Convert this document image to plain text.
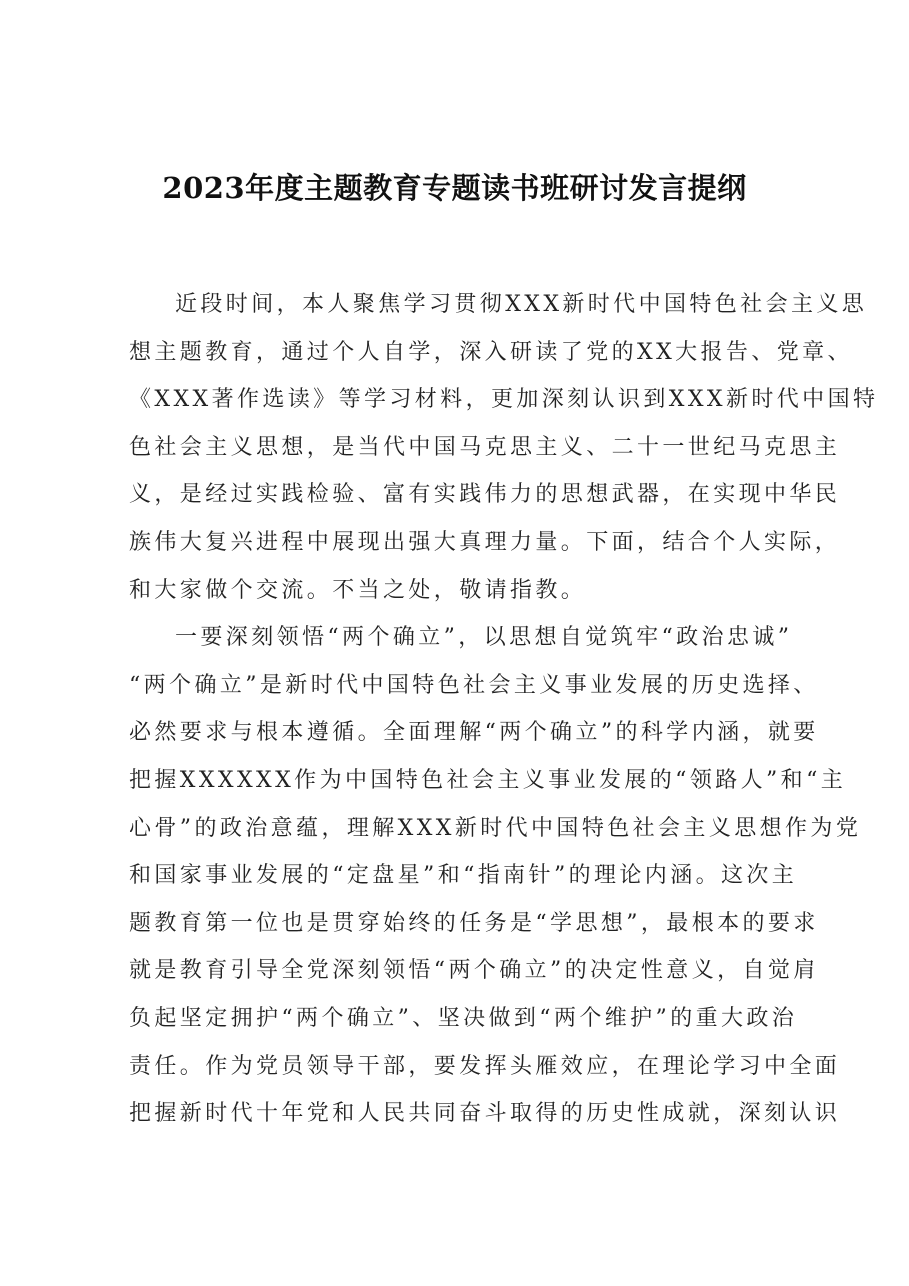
2023年度主题教育专题读书班研讨发言提纲
近段时间，本人聚焦学习贯彻XXX新时代中国特色社会主义思
想主题教育，通过个人自学，深入研读了党的XX大报告、党章、
《XXX著作选读》等学习材料，更加深刻认识到XXX新时代中国特
色社会主义思想，是当代中国马克思主义、二十一世纪马克思主
义，是经过实践检验、富有实践伟力的思想武器，在实现中华民
族伟大复兴进程中展现出强大真理力量。下面，结合个人实际，
和大家做个交流。不当之处，敬请指教。
一要深刻领悟“两个确立”，以思想自觉筑牢“政治忠诚”
“两个确立”是新时代中国特色社会主义事业发展的历史选择、
必然要求与根本遵循。全面理解“两个确立”的科学内涵，就要
把握XXXXXX作为中国特色社会主义事业发展的“领路人”和“主
心骨”的政治意蕴，理解XXX新时代中国特色社会主义思想作为党
和国家事业发展的“定盘星”和“指南针”的理论内涵。这次主
题教育第一位也是贯穿始终的任务是“学思想”，最根本的要求
就是教育引导全党深刻领悟“两个确立”的决定性意义，自觉肩
负起坚定拥护“两个确立”、坚决做到“两个维护”的重大政治
责任。作为党员领导干部，要发挥头雁效应，在理论学习中全面
把握新时代十年党和人民共同奋斗取得的历史性成就，深刻认识
